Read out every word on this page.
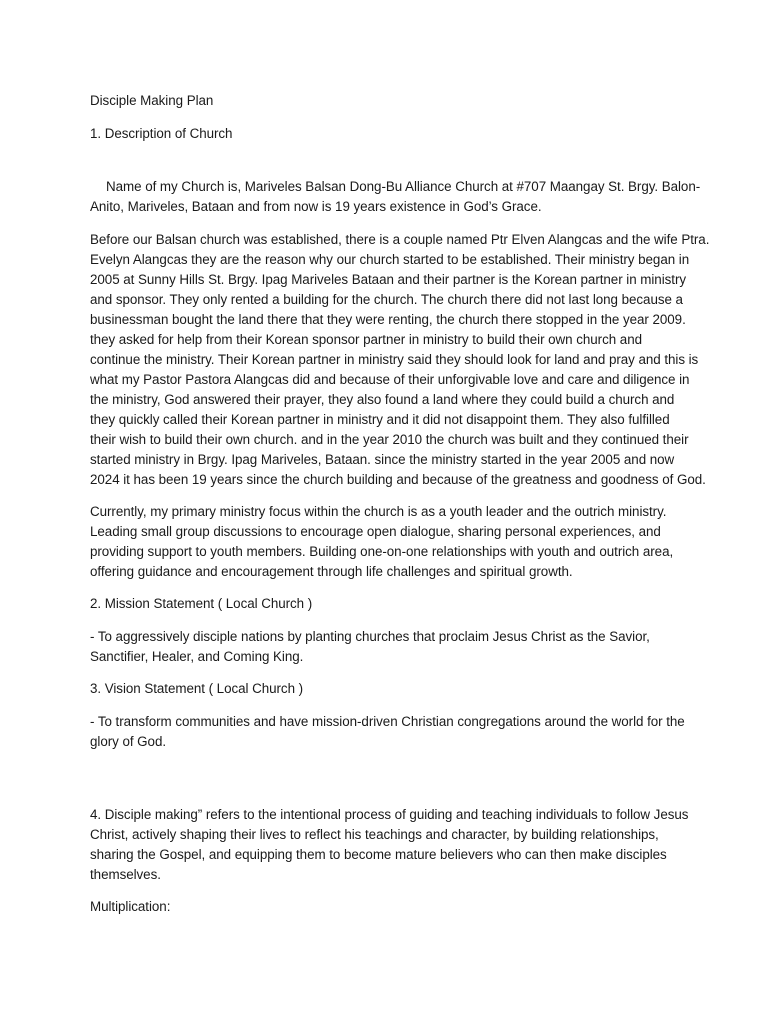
Disciple Making Plan

1. Description of Church

Name of my Church is, Mariveles Balsan Dong-Bu Alliance Church at #707 Maangay St. Brgy. Balon-

Anito, Mariveles, Bataan and from now is 19 years existence in God’s Grace.

Before our Balsan church was established, there is a couple named Ptr Elven Alangcas and the wife Ptra.

Evelyn Alangcas they are the reason why our church started to be established. Their ministry began in

2005 at Sunny Hills St. Brgy. Ipag Mariveles Bataan and their partner is the Korean partner in ministry

and sponsor. They only rented a building for the church. The church there did not last long because a

businessman bought the land there that they were renting, the church there stopped in the year 2009.

they asked for help from their Korean sponsor partner in ministry to build their own church and

continue the ministry. Their Korean partner in ministry said they should look for land and pray and this is

what my Pastor Pastora Alangcas did and because of their unforgivable love and care and diligence in

the ministry, God answered their prayer, they also found a land where they could build a church and

they quickly called their Korean partner in ministry and it did not disappoint them. They also fulfilled

their wish to build their own church. and in the year 2010 the church was built and they continued their

started ministry in Brgy. Ipag Mariveles, Bataan. since the ministry started in the year 2005 and now

2024 it has been 19 years since the church building and because of the greatness and goodness of God.

Currently, my primary ministry focus within the church is as a youth leader and the outrich ministry.

Leading small group discussions to encourage open dialogue, sharing personal experiences, and

providing support to youth members. Building one-on-one relationships with youth and outrich area,

offering guidance and encouragement through life challenges and spiritual growth.

2. Mission Statement ( Local Church )

- To aggressively disciple nations by planting churches that proclaim Jesus Christ as the Savior,

Sanctifier, Healer, and Coming King.

3. Vision Statement ( Local Church )

- To transform communities and have mission-driven Christian congregations around the world for the

glory of God.

4. Disciple making” refers to the intentional process of guiding and teaching individuals to follow Jesus

Christ, actively shaping their lives to reflect his teachings and character, by building relationships,

sharing the Gospel, and equipping them to become mature believers who can then make disciples

themselves.

Multiplication:
